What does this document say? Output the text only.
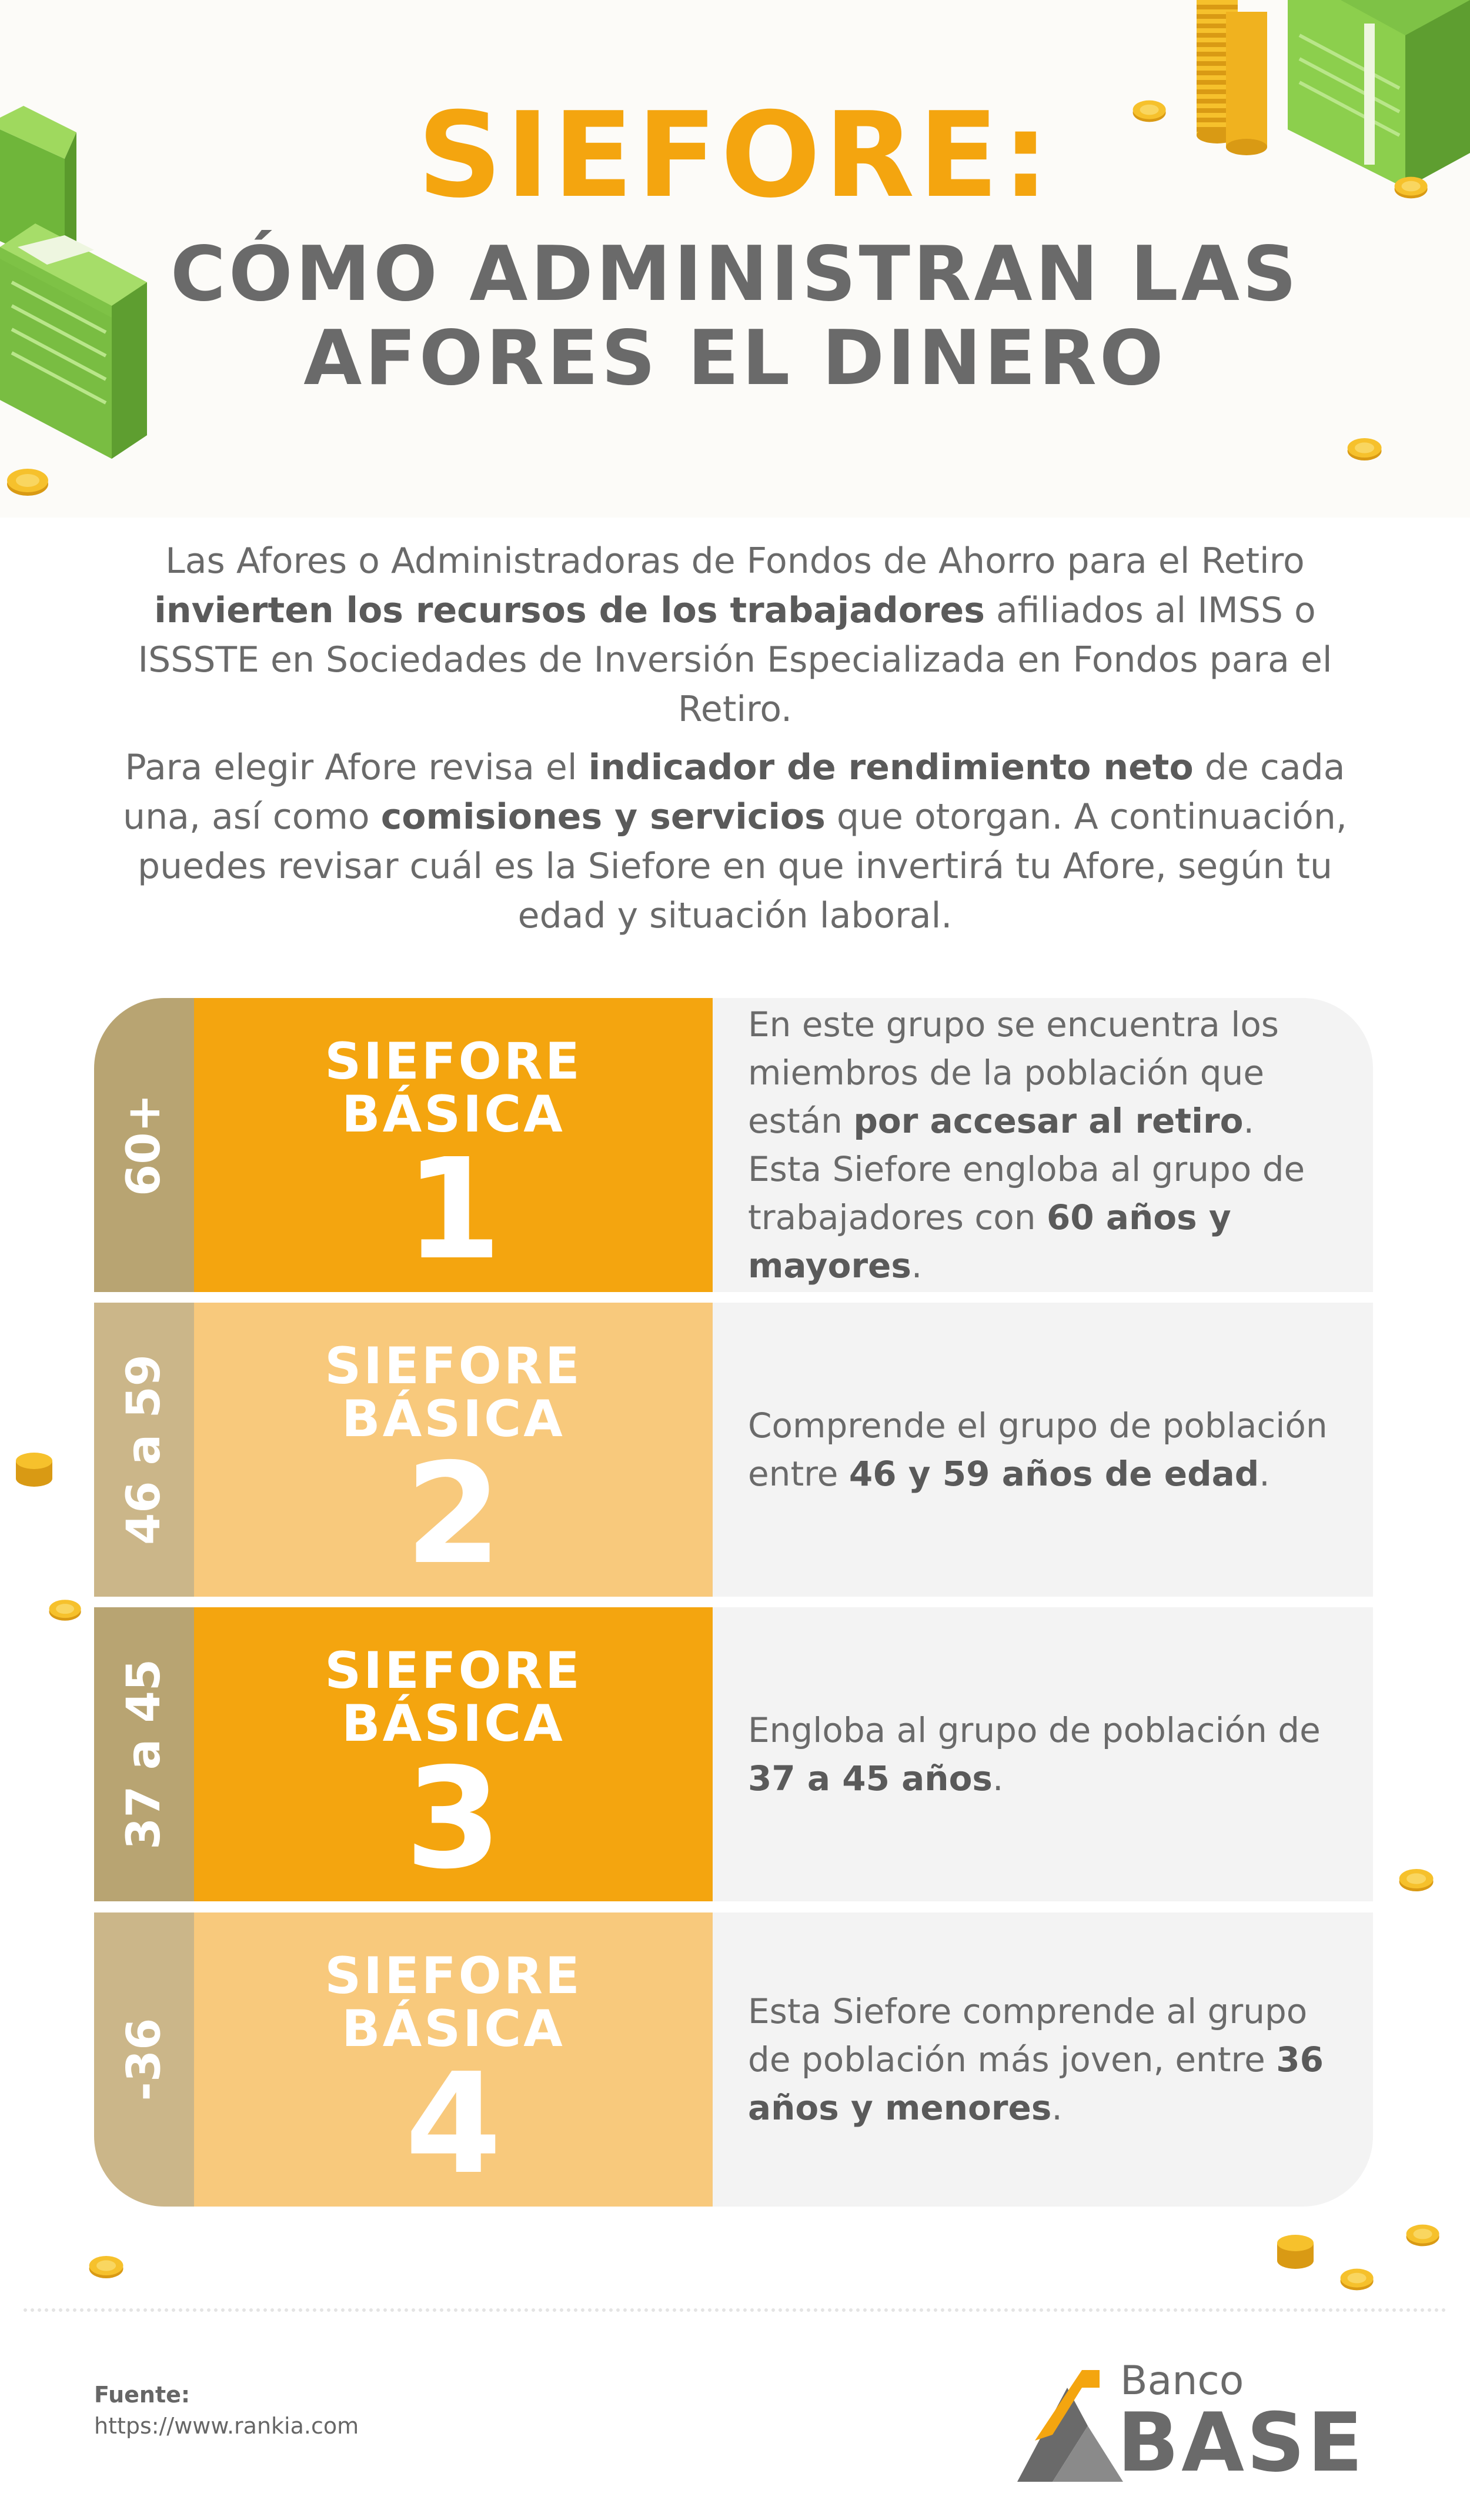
SIEFORE:
CÓMO ADMINISTRAN LAS
AFORES EL DINERO

Las Afores o Administradoras de Fondos de Ahorro para el Retiro invierten los recursos de los trabajadores afiliados al IMSS o ISSSTE en Sociedades de Inversión Especializada en Fondos para el Retiro.

Para elegir Afore revisa el indicador de rendimiento neto de cada una, así como comisiones y servicios que otorgan. A continuación, puedes revisar cuál es la Siefore en que invertirá tu Afore, según tu edad y situación laboral.

60+
SIEFORE
BÁSICA
1

En este grupo se encuentra los miembros de la población que están por accesar al retiro. Esta Siefore engloba al grupo de trabajadores con 60 años y mayores.

46 a 59	SIEFORE
BÁSICA
2

Comprende el grupo de población entre 46 y 59 años de edad.

37 a 45	SIEFORE
BÁSICA
3

Engloba al grupo de población de 37 a 45 años.

-36
SIEFORE
BÁSICA
4

Esta Siefore comprende al grupo de población más joven, entre 36 años y menores.

Fuente:
https://www.rankia.com
Banco
BASE
